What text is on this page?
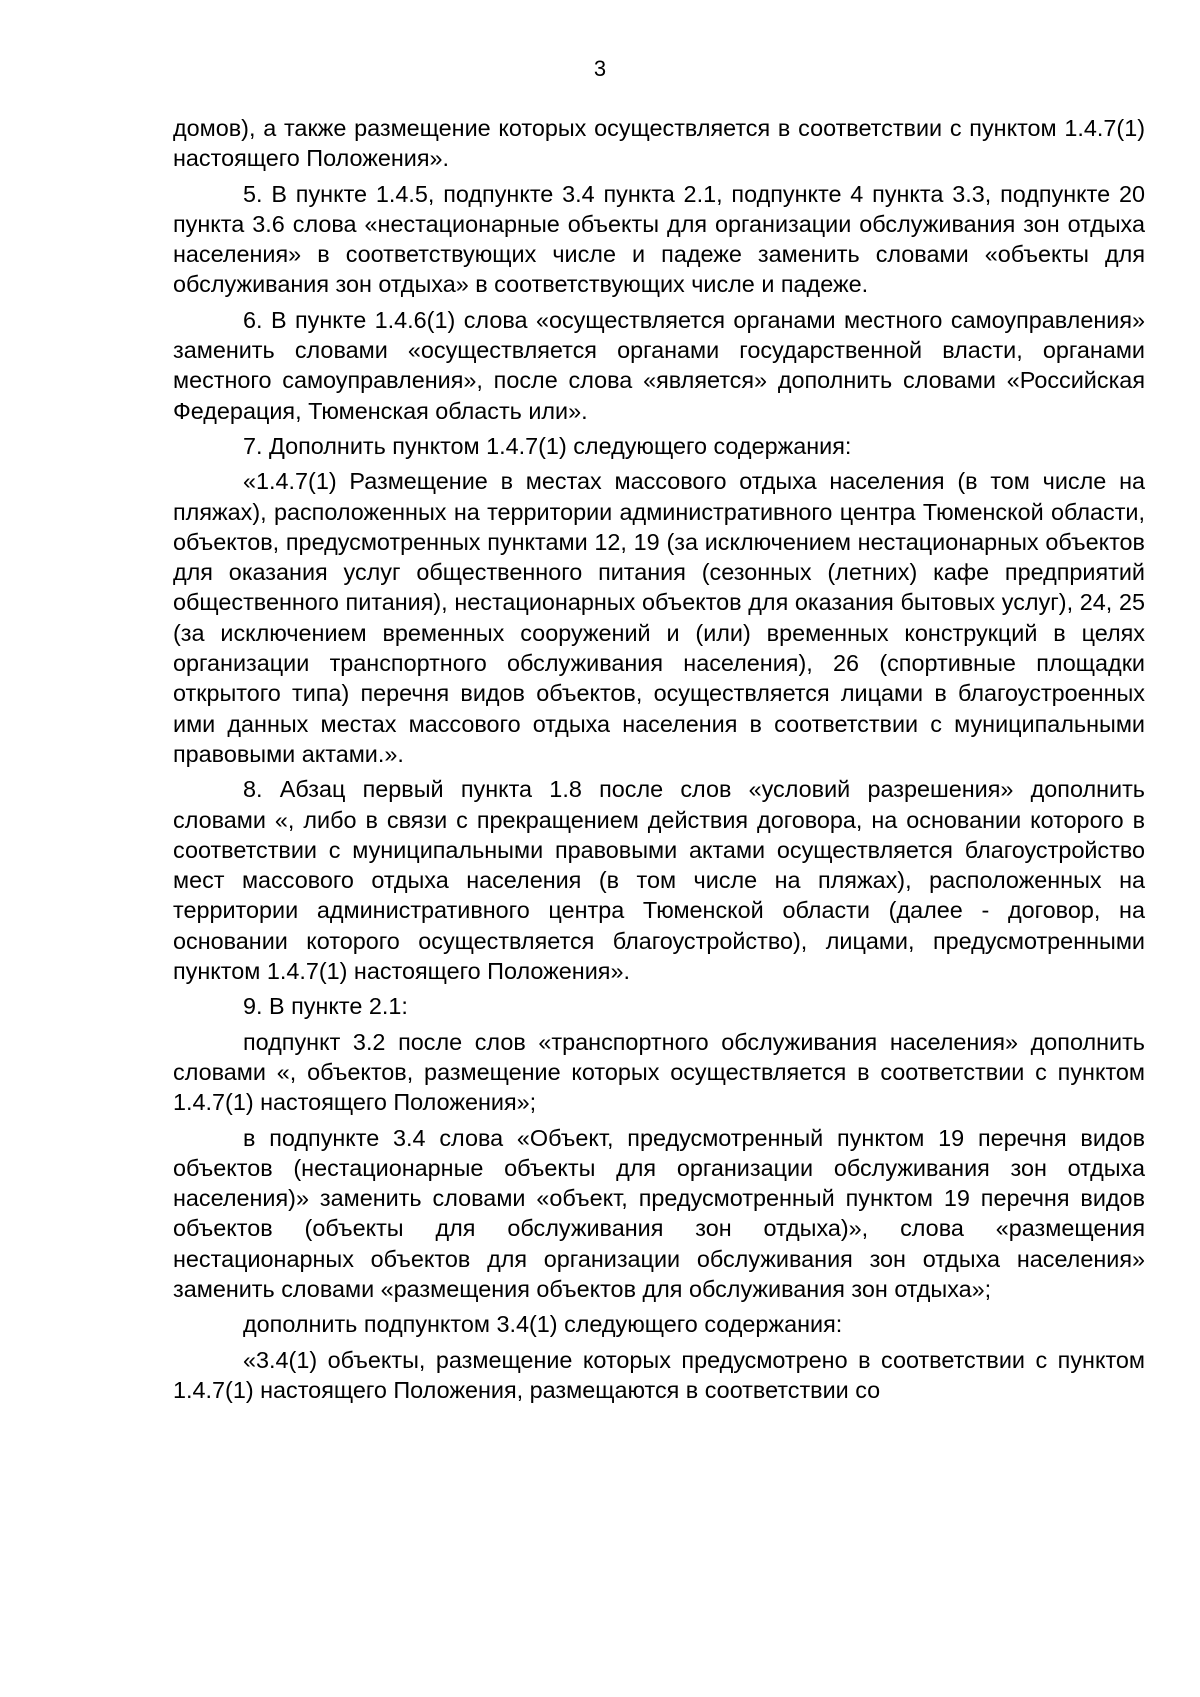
3

домов), а также размещение которых осуществляется в соответствии с пунктом 1.4.7(1) настоящего Положения».

5. В пункте 1.4.5, подпункте 3.4 пункта 2.1, подпункте 4 пункта 3.3, подпункте 20 пункта 3.6 слова «нестационарные объекты для организации обслуживания зон отдыха населения» в соответствующих числе и падеже заменить словами «объекты для обслуживания зон отдыха» в соответствующих числе и падеже.

6. В пункте 1.4.6(1) слова «осуществляется органами местного самоуправления» заменить словами «осуществляется органами государственной власти, органами местного самоуправления», после слова «является» дополнить словами «Российская Федерация, Тюменская область или».

7. Дополнить пунктом 1.4.7(1) следующего содержания:

«1.4.7(1) Размещение в местах массового отдыха населения (в том числе на пляжах), расположенных на территории административного центра Тюменской области, объектов, предусмотренных пунктами 12, 19 (за исключением нестационарных объектов для оказания услуг общественного питания (сезонных (летних) кафе предприятий общественного питания), нестационарных объектов для оказания бытовых услуг), 24, 25 (за исключением временных сооружений и (или) временных конструкций в целях организации транспортного обслуживания населения), 26 (спортивные площадки открытого типа) перечня видов объектов, осуществляется лицами в благоустроенных ими данных местах массового отдыха населения в соответствии с муниципальными правовыми актами.».

8. Абзац первый пункта 1.8 после слов «условий разрешения» дополнить словами «, либо в связи с прекращением действия договора, на основании которого в соответствии с муниципальными правовыми актами осуществляется благоустройство мест массового отдыха населения (в том числе на пляжах), расположенных на территории административного центра Тюменской области (далее - договор, на основании которого осуществляется благоустройство), лицами, предусмотренными пунктом 1.4.7(1) настоящего Положения».

9. В пункте 2.1:

подпункт 3.2 после слов «транспортного обслуживания населения» дополнить словами «, объектов, размещение которых осуществляется в соответствии с пунктом 1.4.7(1) настоящего Положения»;

в подпункте 3.4 слова «Объект, предусмотренный пунктом 19 перечня видов объектов (нестационарные объекты для организации обслуживания зон отдыха населения)» заменить словами «объект, предусмотренный пунктом 19 перечня видов объектов (объекты для обслуживания зон отдыха)», слова «размещения нестационарных объектов для организации обслуживания зон отдыха населения» заменить словами «размещения объектов для обслуживания зон отдыха»;

дополнить подпунктом 3.4(1) следующего содержания:

«3.4(1) объекты, размещение которых предусмотрено в соответствии с пунктом 1.4.7(1) настоящего Положения, размещаются в соответствии со
